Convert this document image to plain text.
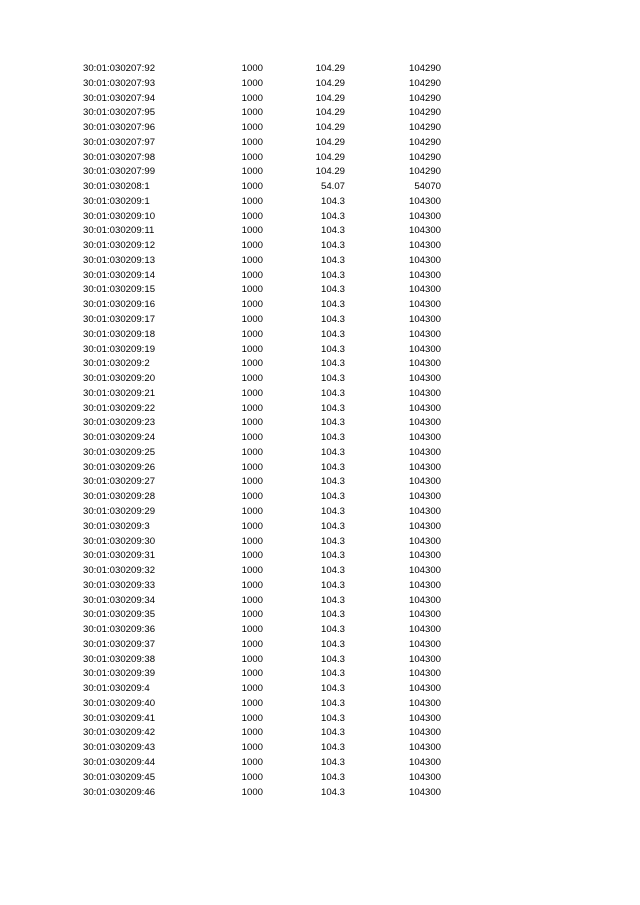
30:01:030207:92	1000	104.29	104290
30:01:030207:93	1000	104.29	104290
30:01:030207:94	1000	104.29	104290
30:01:030207:95	1000	104.29	104290
30:01:030207:96	1000	104.29	104290
30:01:030207:97	1000	104.29	104290
30:01:030207:98	1000	104.29	104290
30:01:030207:99	1000	104.29	104290
30:01:030208:1	1000	54.07	54070
30:01:030209:1	1000	104.3	104300
30:01:030209:10	1000	104.3	104300
30:01:030209:11	1000	104.3	104300
30:01:030209:12	1000	104.3	104300
30:01:030209:13	1000	104.3	104300
30:01:030209:14	1000	104.3	104300
30:01:030209:15	1000	104.3	104300
30:01:030209:16	1000	104.3	104300
30:01:030209:17	1000	104.3	104300
30:01:030209:18	1000	104.3	104300
30:01:030209:19	1000	104.3	104300
30:01:030209:2	1000	104.3	104300
30:01:030209:20	1000	104.3	104300
30:01:030209:21	1000	104.3	104300
30:01:030209:22	1000	104.3	104300
30:01:030209:23	1000	104.3	104300
30:01:030209:24	1000	104.3	104300
30:01:030209:25	1000	104.3	104300
30:01:030209:26	1000	104.3	104300
30:01:030209:27	1000	104.3	104300
30:01:030209:28	1000	104.3	104300
30:01:030209:29	1000	104.3	104300
30:01:030209:3	1000	104.3	104300
30:01:030209:30	1000	104.3	104300
30:01:030209:31	1000	104.3	104300
30:01:030209:32	1000	104.3	104300
30:01:030209:33	1000	104.3	104300
30:01:030209:34	1000	104.3	104300
30:01:030209:35	1000	104.3	104300
30:01:030209:36	1000	104.3	104300
30:01:030209:37	1000	104.3	104300
30:01:030209:38	1000	104.3	104300
30:01:030209:39	1000	104.3	104300
30:01:030209:4	1000	104.3	104300
30:01:030209:40	1000	104.3	104300
30:01:030209:41	1000	104.3	104300
30:01:030209:42	1000	104.3	104300
30:01:030209:43	1000	104.3	104300
30:01:030209:44	1000	104.3	104300
30:01:030209:45	1000	104.3	104300
30:01:030209:46	1000	104.3	104300
